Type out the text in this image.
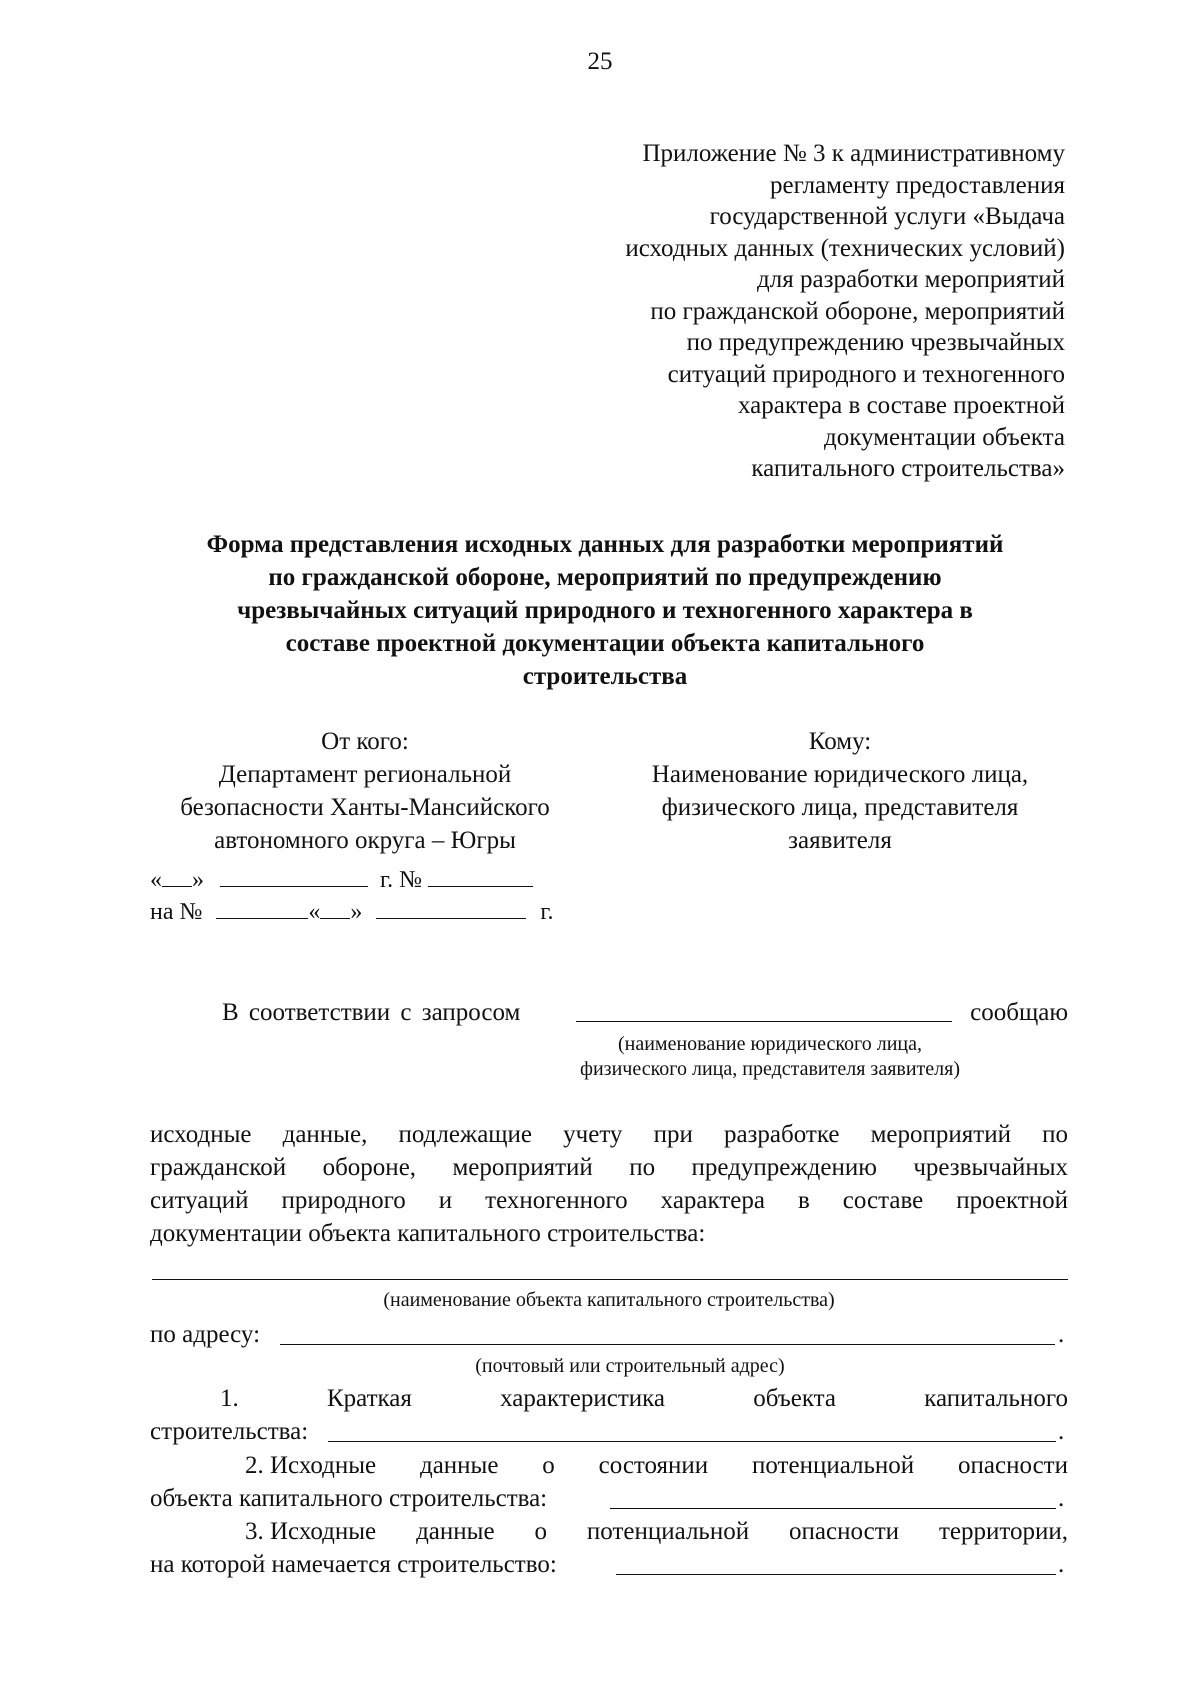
25
Приложение № 3 к административному
регламенту предоставления
государственной услуги «Выдача
исходных данных (технических условий)
для разработки мероприятий
по гражданской обороне, мероприятий
по предупреждению чрезвычайных
ситуаций природного и техногенного
характера в составе проектной
документации объекта
капитального строительства»
Форма представления исходных данных для разработки мероприятий
по гражданской обороне, мероприятий по предупреждению
чрезвычайных ситуаций природного и техногенного характера в
составе проектной документации объекта капитального
строительства
От кого:
Департамент региональной
безопасности Ханты-Мансийского
автономного округа – Югры
« »	г. №
на №	« »	г.
Кому:
Наименование юридического лица,
физического лица, представителя
заявителя
В соответствии с запросом	сообщаю
(наименование юридического лица,
физического лица, представителя заявителя)
исходные данные, подлежащие учету при разработке мероприятий по
гражданской обороне, мероприятий по предупреждению чрезвычайных
ситуаций природного и техногенного характера в составе проектной
документации объекта капитального строительства:
(наименование объекта капитального строительства)
по адресу:	.
(почтовый или строительный адрес)
1.	Краткая	характеристика	объекта	капитального
строительства:	.
2. Исходные данные о состоянии потенциальной опасности
объекта капитального строительства:	.
3. Исходные данные о потенциальной опасности территории,
на которой намечается строительство:	.
